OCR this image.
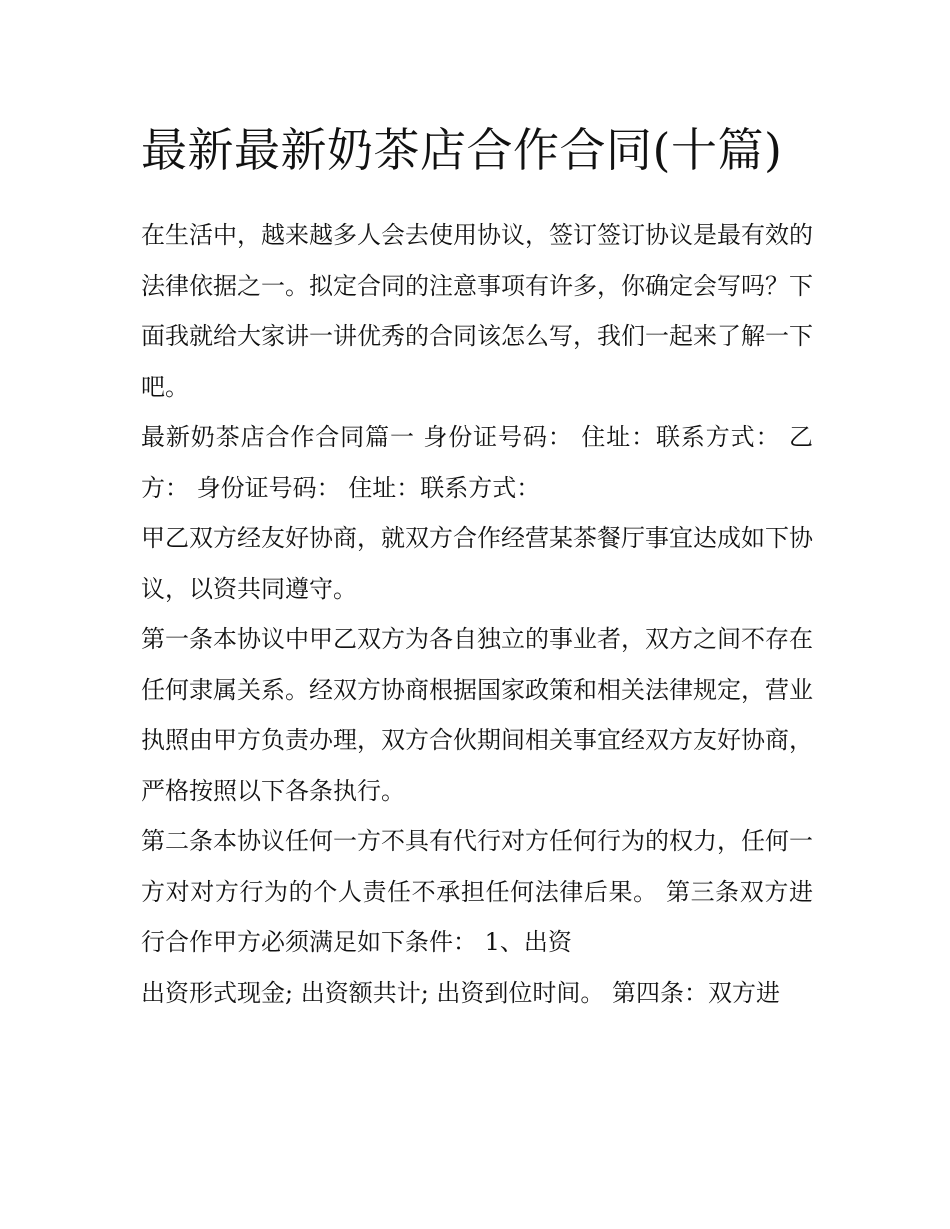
最新最新奶茶店合作合同(十篇)

在生活中，越来越多人会去使用协议，签订签订协议是最有效的法律依据之一。拟定合同的注意事项有许多，你确定会写吗？下面我就给大家讲一讲优秀的合同该怎么写，我们一起来了解一下吧。

最新奶茶店合作合同篇一 身份证号码： 住址：联系方式： 乙方： 身份证号码： 住址：联系方式：

甲乙双方经友好协商，就双方合作经营某茶餐厅事宜达成如下协议，以资共同遵守。

第一条本协议中甲乙双方为各自独立的事业者，双方之间不存在任何隶属关系。经双方协商根据国家政策和相关法律规定，营业执照由甲方负责办理，双方合伙期间相关事宜经双方友好协商，严格按照以下各条执行。

第二条本协议任何一方不具有代行对方任何行为的权力，任何一方对对方行为的个人责任不承担任何法律后果。 第三条双方进行合作甲方必须满足如下条件： 1、出资

出资形式现金; 出资额共计; 出资到位时间。 第四条：双方进
